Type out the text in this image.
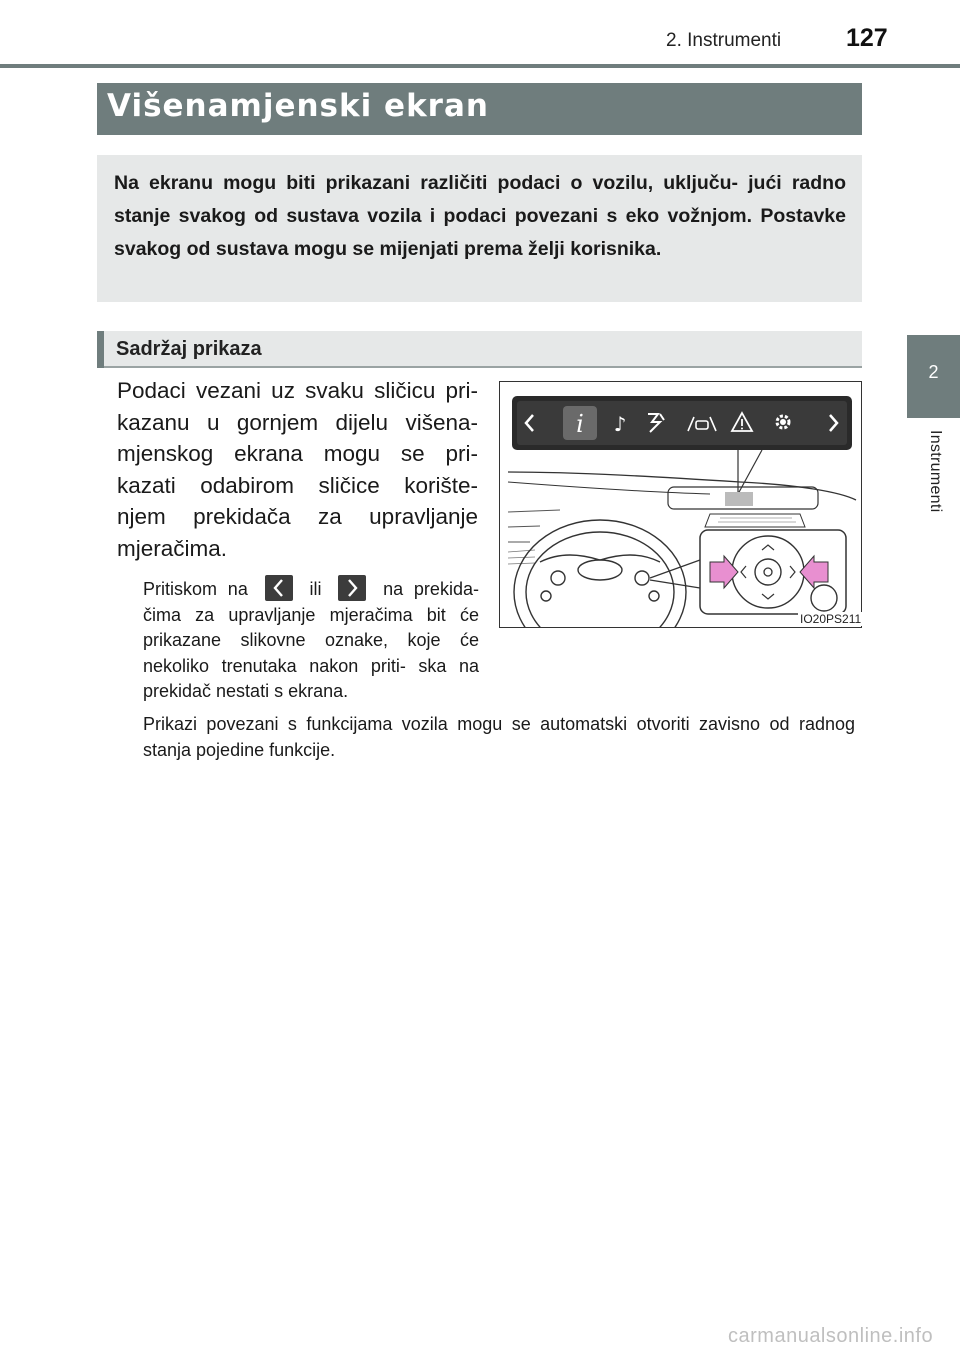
2. Instrumenti	127
2
Instrumenti
Višenamjenski ekran
Na ekranu mogu biti prikazani različiti podaci o vozilu, uključu- jući radno stanje svakog od sustava vozila i podaci povezani s eko vožnjom. Postavke svakog od sustava mogu se mijenjati prema želji korisnika.
Sadržaj prikaza
Podaci vezani uz svaku sličicu pri- kazanu u gornjem dijelu višena- mjenskog ekrana mogu se pri- kazati odabirom sličice korište- njem prekidača za upravljanje mjeračima.
Pritiskom na	ili	na prekida- čima za upravljanje mjeračima bit će prikazane slikovne oznake, koje će nekoliko trenutaka nakon priti- ska na prekidač nestati s ekrana.
Prikazi povezani s funkcijama vozila mogu se automatski otvoriti zavisno od radnog stanja pojedine funkcije.
i ♪
IO20PS211
carmanualsonline.info
